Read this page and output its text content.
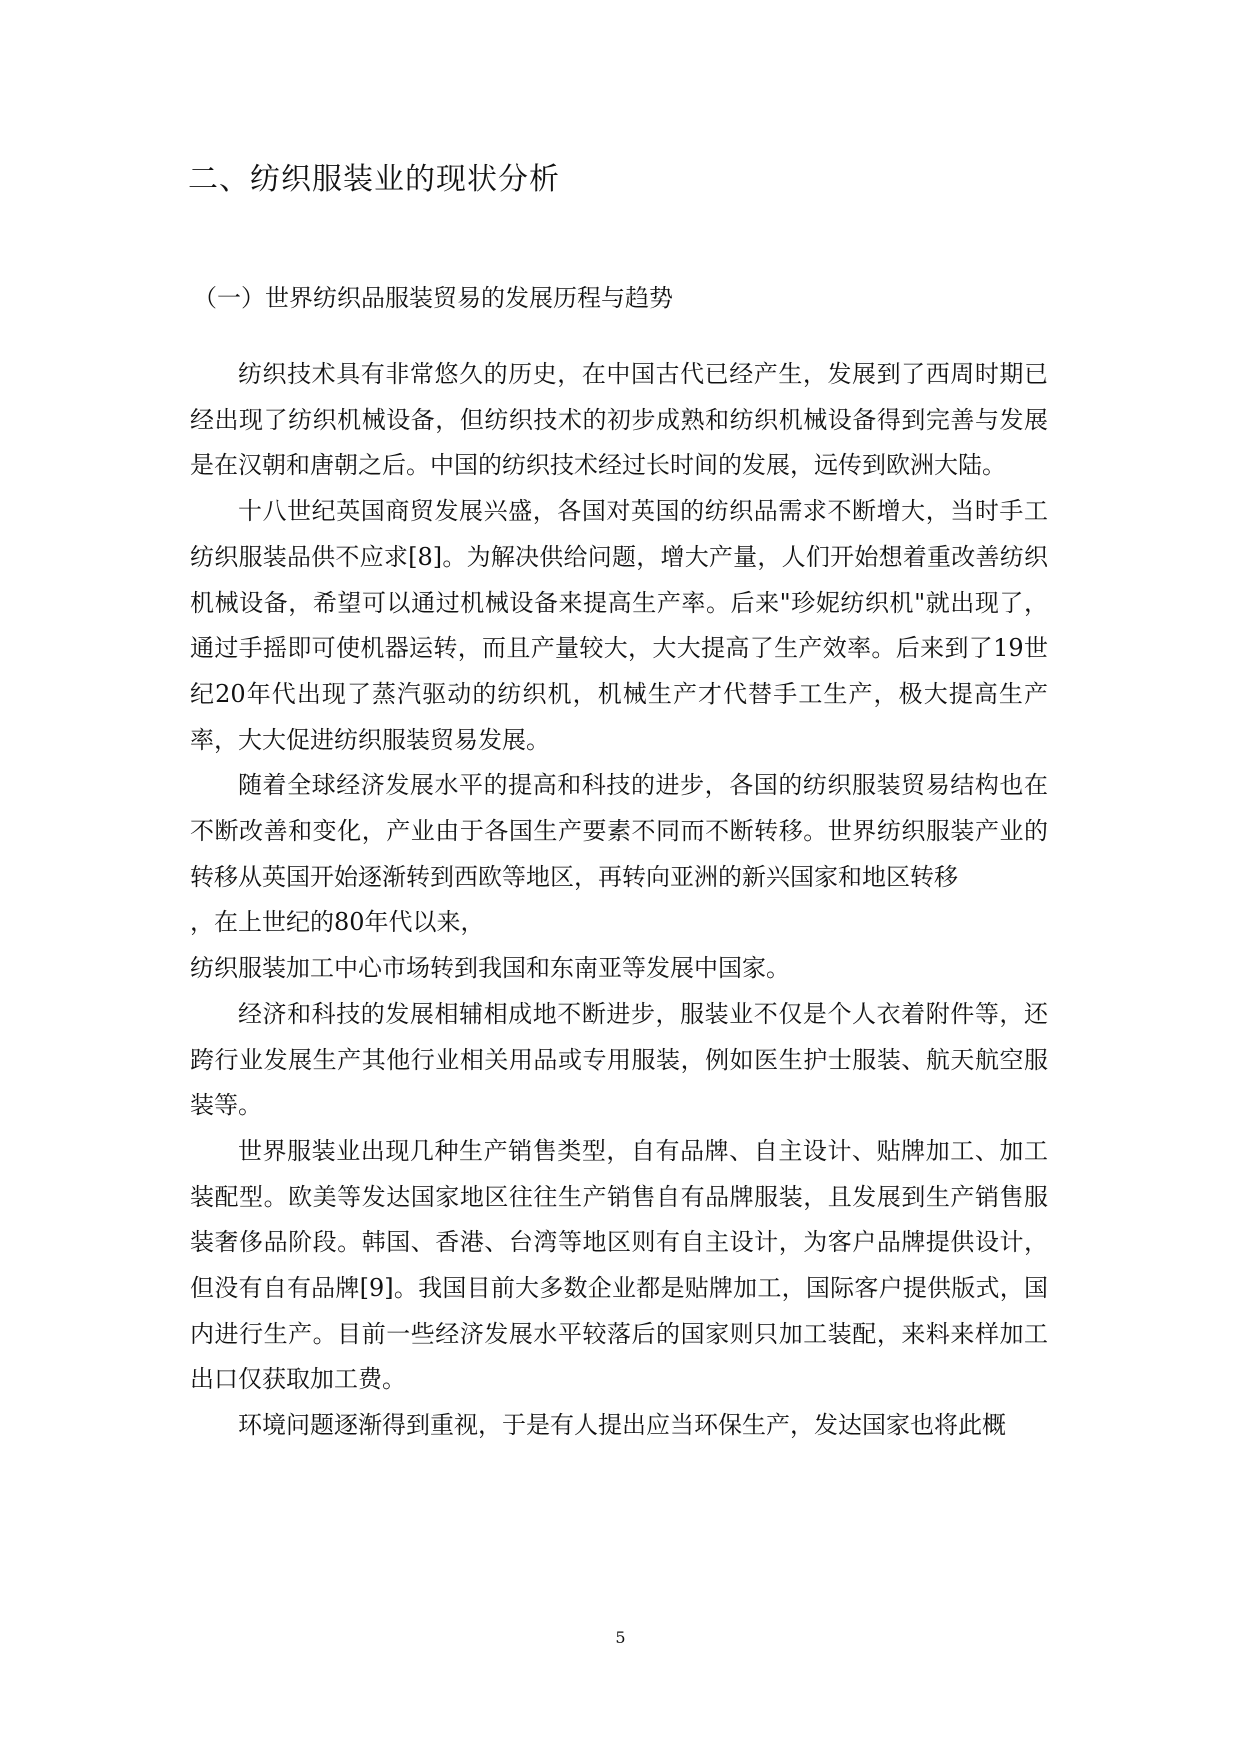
二、纺织服装业的现状分析
（一）世界纺织品服装贸易的发展历程与趋势

纺织技术具有非常悠久的历史，在中国古代已经产生，发展到了西周时期已经出现了纺织机械设备，但纺织技术的初步成熟和纺织机械设备得到完善与发展是在汉朝和唐朝之后。中国的纺织技术经过长时间的发展，远传到欧洲大陆。

十八世纪英国商贸发展兴盛，各国对英国的纺织品需求不断增大，当时手工纺织服装品供不应求[8]。为解决供给问题，增大产量，人们开始想着重改善纺织机械设备，希望可以通过机械设备来提高生产率。后来"珍妮纺织机"就出现了，通过手摇即可使机器运转，而且产量较大，大大提高了生产效率。后来到了19世纪20年代出现了蒸汽驱动的纺织机，机械生产才代替手工生产，极大提高生产率，大大促进纺织服装贸易发展。

随着全球经济发展水平的提高和科技的进步，各国的纺织服装贸易结构也在不断改善和变化，产业由于各国生产要素不同而不断转移。世界纺织服装产业的转移从英国开始逐渐转到西欧等地区，再转向亚洲的新兴国家和地区转移

，在上世纪的80年代以来，

纺织服装加工中心市场转到我国和东南亚等发展中国家。

经济和科技的发展相辅相成地不断进步，服装业不仅是个人衣着附件等，还跨行业发展生产其他行业相关用品或专用服装，例如医生护士服装、航天航空服装等。

世界服装业出现几种生产销售类型，自有品牌、自主设计、贴牌加工、加工装配型。欧美等发达国家地区往往生产销售自有品牌服装，且发展到生产销售服装奢侈品阶段。韩国、香港、台湾等地区则有自主设计，为客户品牌提供设计，但没有自有品牌[9]。我国目前大多数企业都是贴牌加工，国际客户提供版式，国内进行生产。目前一些经济发展水平较落后的国家则只加工装配，来料来样加工出口仅获取加工费。

环境问题逐渐得到重视，于是有人提出应当环保生产，发达国家也将此概

5
